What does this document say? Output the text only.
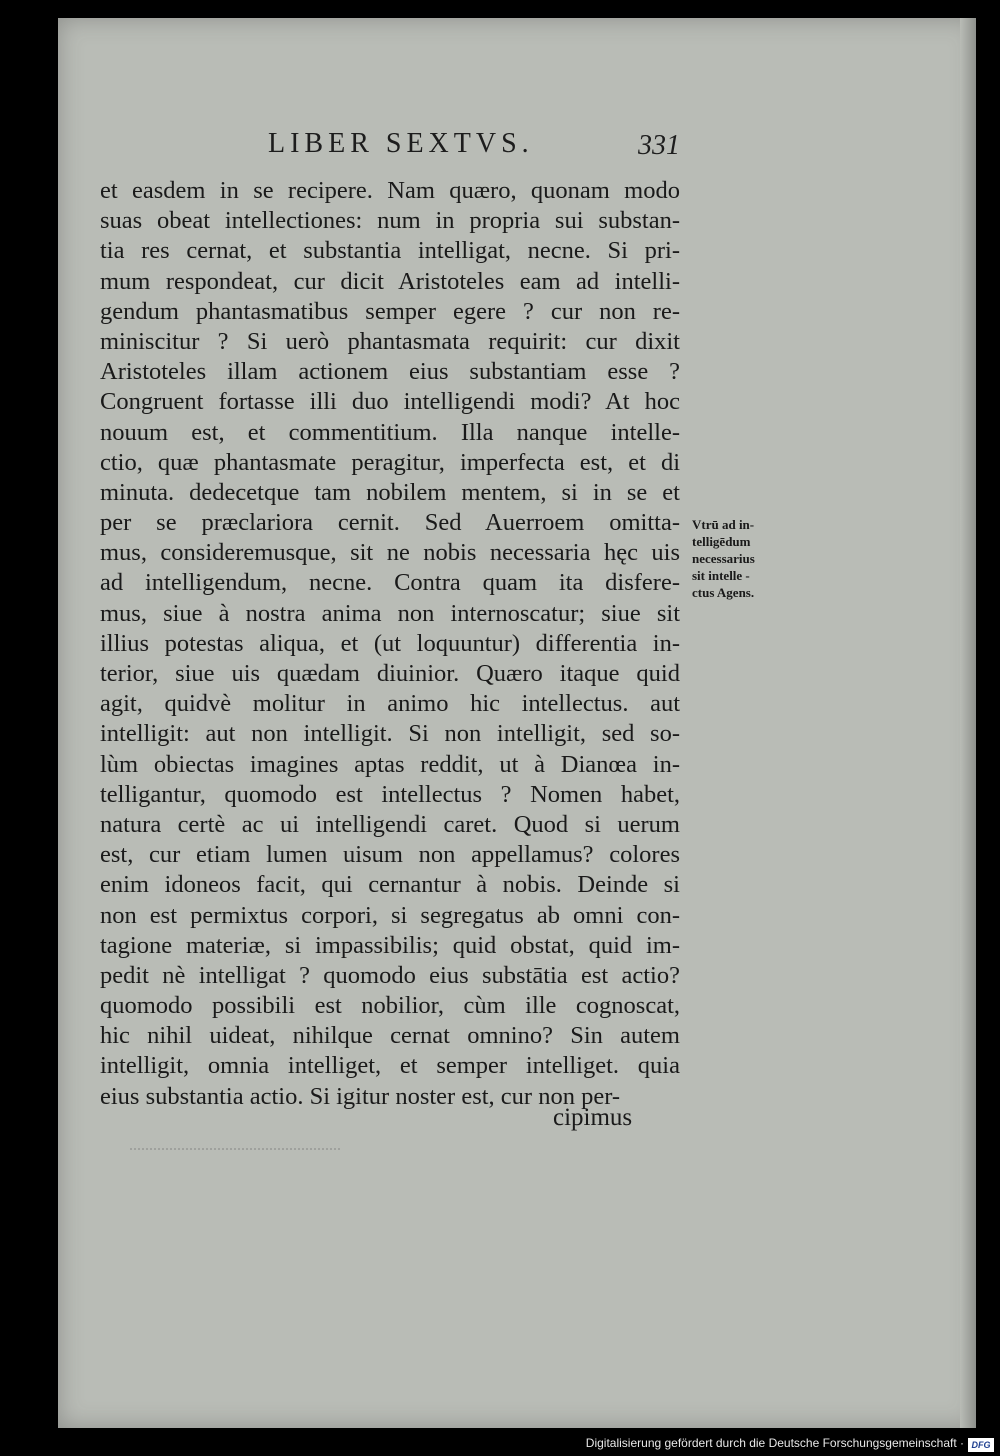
LIBER SEXTVS.	331
et easdem in se recipere. Nam quæro, quonam modo
suas obeat intellectiones: num in propria sui substan-
tia res cernat, et substantia intelligat, necne. Si pri-
mum respondeat, cur dicit Aristoteles eam ad intelli-
gendum phantasmatibus semper egere ? cur non re-
miniscitur ? Si uerò phantasmata requirit: cur dixit
Aristoteles illam actionem eius substantiam esse ?
Congruent fortasse illi duo intelligendi modi? At hoc
nouum est, et commentitium. Illa nanque intelle-
ctio, quæ phantasmate peragitur, imperfecta est, et di
minuta. dedecetque tam nobilem mentem, si in se et
per se præclariora cernit. Sed Auerroem omitta-
mus, consideremusque, sit ne nobis necessaria hęc uis
ad intelligendum, necne. Contra quam ita disfere-
mus, siue à nostra anima non internoscatur; siue sit
illius potestas aliqua, et (ut loquuntur) differentia in-
terior, siue uis quædam diuinior. Quæro itaque quid
agit, quidvè molitur in animo hic intellectus. aut
intelligit: aut non intelligit. Si non intelligit, sed so-
lùm obiectas imagines aptas reddit, ut à Dianœa in-
telligantur, quomodo est intellectus ? Nomen habet,
natura certè ac ui intelligendi caret. Quod si uerum
est, cur etiam lumen uisum non appellamus? colores
enim idoneos facit, qui cernantur à nobis. Deinde si
non est permixtus corpori, si segregatus ab omni con-
tagione materiæ, si impassibilis; quid obstat, quid im-
pedit nè intelligat ? quomodo eius substātia est actio?
quomodo possibili est nobilior, cùm ille cognoscat,
hic nihil uideat, nihilque cernat omnino? Sin autem
intelligit, omnia intelliget, et semper intelliget. quia
eius substantia actio. Si igitur noster est, cur non per-
cipimus
Vtrū ad in-
telligēdum
necessarius
sit intelle -
ctus Agens.
Digitalisierung gefördert durch die Deutsche Forschungsgemeinschaft · DFG
